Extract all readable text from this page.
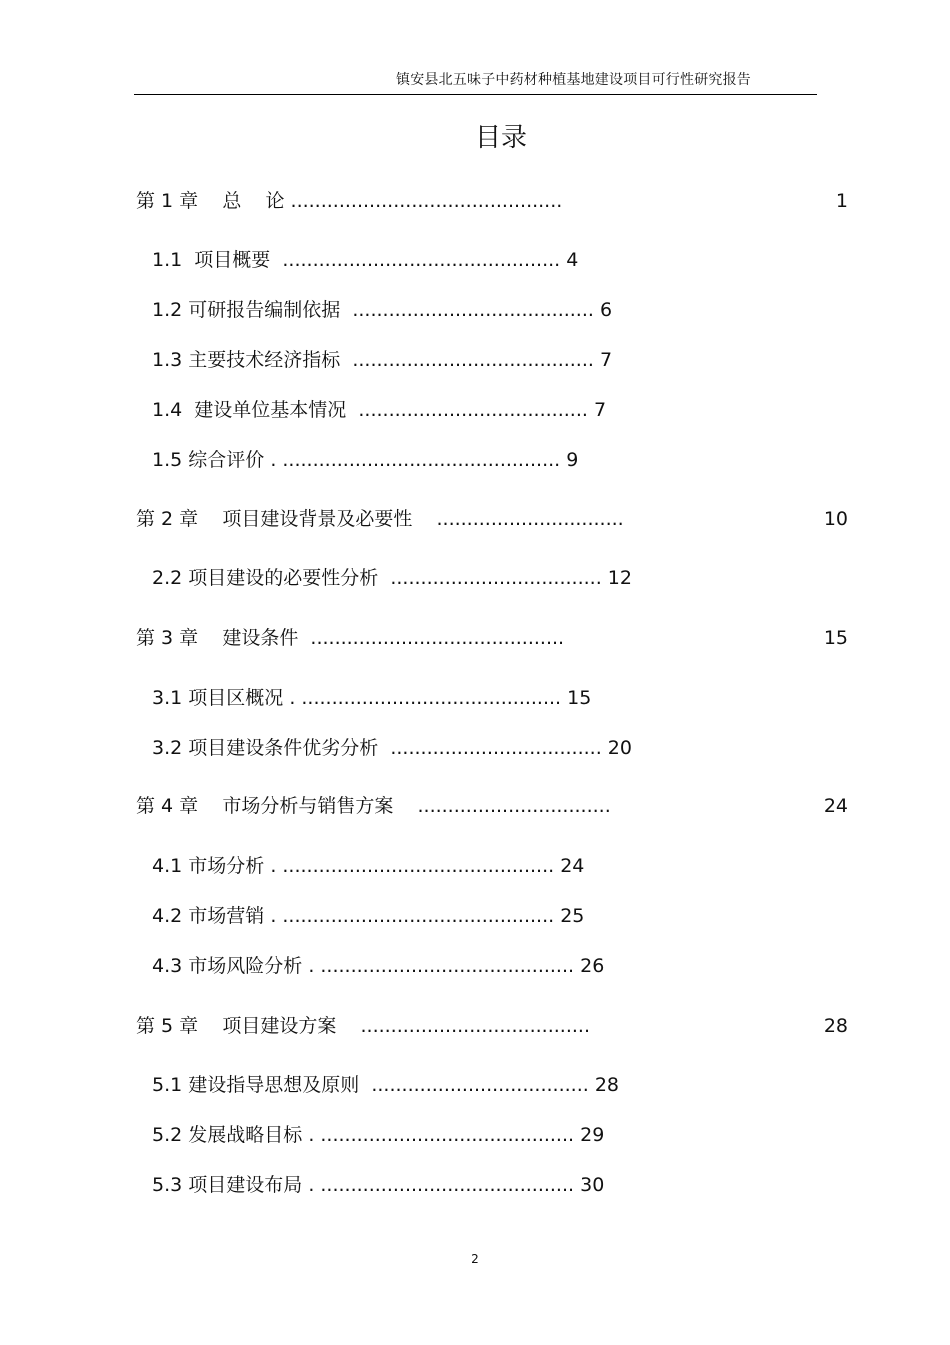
镇安县北五味子中药材种植基地建设项目可行性研究报告
目录
第 1 章    总    论 .............................................	1
1.1  项目概要  .............................................. 4
1.2 可研报告编制依据  ........................................ 6
1.3 主要技术经济指标  ........................................ 7
1.4  建设单位基本情况  ...................................... 7
1.5 综合评价 . .............................................. 9
第 2 章    项目建设背景及必要性    ...............................	10
2.2 项目建设的必要性分析  ................................... 12
第 3 章    建设条件  ..........................................	15
3.1 项目区概况 . ........................................... 15
3.2 项目建设条件优劣分析  ................................... 20
第 4 章    市场分析与销售方案    ................................	24
4.1 市场分析 . ............................................. 24
4.2 市场营销 . ............................................. 25
4.3 市场风险分析 . .......................................... 26
第 5 章    项目建设方案    ......................................	28
5.1 建设指导思想及原则  .................................... 28
5.2 发展战略目标 . .......................................... 29
5.3 项目建设布局 . .......................................... 30
2
